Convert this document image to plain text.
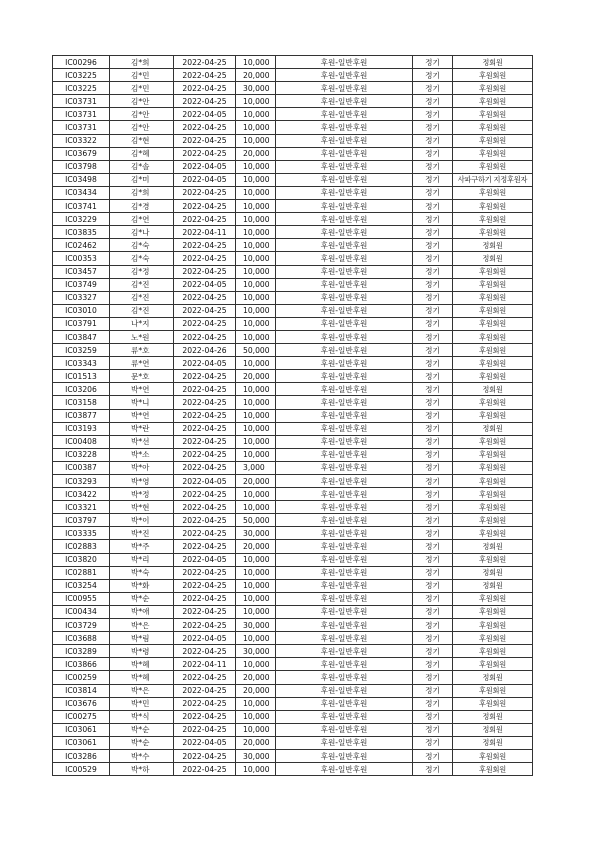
IC00296	김*희	2022-04-25	10,000	후원-일반후원	정기	정회원
IC03225	김*민	2022-04-25	20,000	후원-일반후원	정기	후원회원
IC03225	김*민	2022-04-25	30,000	후원-일반후원	정기	후원회원
IC03731	김*안	2022-04-25	10,000	후원-일반후원	정기	후원회원
IC03731	김*안	2022-04-05	10,000	후원-일반후원	정기	후원회원
IC03731	김*안	2022-04-25	10,000	후원-일반후원	정기	후원회원
IC03322	김*현	2022-04-25	10,000	후원-일반후원	정기	후원회원
IC03679	김*혜	2022-04-25	20,000	후원-일반후원	정기	후원회원
IC03798	김*솔	2022-04-05	10,000	후원-일반후원	정기	후원회원
IC03498	김*미	2022-04-05	10,000	후원-일반후원	정기	사파구하기 지정후원자
IC03434	김*희	2022-04-25	10,000	후원-일반후원	정기	후원회원
IC03741	김*경	2022-04-25	10,000	후원-일반후원	정기	후원회원
IC03229	김*연	2022-04-25	10,000	후원-일반후원	정기	후원회원
IC03835	김*나	2022-04-11	10,000	후원-일반후원	정기	후원회원
IC02462	김*숙	2022-04-25	10,000	후원-일반후원	정기	정회원
IC00353	김*숙	2022-04-25	10,000	후원-일반후원	정기	정회원
IC03457	김*정	2022-04-25	10,000	후원-일반후원	정기	후원회원
IC03749	김*진	2022-04-05	10,000	후원-일반후원	정기	후원회원
IC03327	김*진	2022-04-25	10,000	후원-일반후원	정기	후원회원
IC03010	김*진	2022-04-25	10,000	후원-일반후원	정기	후원회원
IC03791	나*지	2022-04-25	10,000	후원-일반후원	정기	후원회원
IC03847	노*원	2022-04-25	10,000	후원-일반후원	정기	후원회원
IC03259	류*호	2022-04-26	50,000	후원-일반후원	정기	후원회원
IC03343	류*연	2022-04-05	10,000	후원-일반후원	정기	후원회원
IC01513	문*호	2022-04-25	20,000	후원-일반후원	정기	후원회원
IC03206	박*연	2022-04-25	10,000	후원-일반후원	정기	정회원
IC03158	박*니	2022-04-25	10,000	후원-일반후원	정기	후원회원
IC03877	박*연	2022-04-25	10,000	후원-일반후원	정기	후원회원
IC03193	박*란	2022-04-25	10,000	후원-일반후원	정기	정회원
IC00408	박*선	2022-04-25	10,000	후원-일반후원	정기	후원회원
IC03228	박*소	2022-04-25	10,000	후원-일반후원	정기	후원회원
IC00387	박*아	2022-04-25	3,000	후원-일반후원	정기	후원회원
IC03293	박*영	2022-04-05	20,000	후원-일반후원	정기	후원회원
IC03422	박*정	2022-04-25	10,000	후원-일반후원	정기	후원회원
IC03321	박*현	2022-04-25	10,000	후원-일반후원	정기	후원회원
IC03797	박*이	2022-04-25	50,000	후원-일반후원	정기	후원회원
IC03335	박*진	2022-04-25	30,000	후원-일반후원	정기	후원회원
IC02883	박*주	2022-04-25	20,000	후원-일반후원	정기	정회원
IC03820	박*리	2022-04-05	10,000	후원-일반후원	정기	후원회원
IC02881	박*숙	2022-04-25	10,000	후원-일반후원	정기	정회원
IC03254	박*화	2022-04-25	10,000	후원-일반후원	정기	정회원
IC00955	박*순	2022-04-25	10,000	후원-일반후원	정기	후원회원
IC00434	박*애	2022-04-25	10,000	후원-일반후원	정기	후원회원
IC03729	박*은	2022-04-25	30,000	후원-일반후원	정기	후원회원
IC03688	박*림	2022-04-05	10,000	후원-일반후원	정기	후원회원
IC03289	박*령	2022-04-25	30,000	후원-일반후원	정기	후원회원
IC03866	박*혜	2022-04-11	10,000	후원-일반후원	정기	후원회원
IC00259	박*혜	2022-04-25	20,000	후원-일반후원	정기	정회원
IC03814	박*은	2022-04-25	20,000	후원-일반후원	정기	후원회원
IC03676	박*민	2022-04-25	10,000	후원-일반후원	정기	후원회원
IC00275	박*식	2022-04-25	10,000	후원-일반후원	정기	정회원
IC03061	박*순	2022-04-25	10,000	후원-일반후원	정기	정회원
IC03061	박*순	2022-04-05	20,000	후원-일반후원	정기	정회원
IC03286	박*수	2022-04-25	30,000	후원-일반후원	정기	후원회원
IC00529	박*하	2022-04-25	10,000	후원-일반후원	정기	후원회원
